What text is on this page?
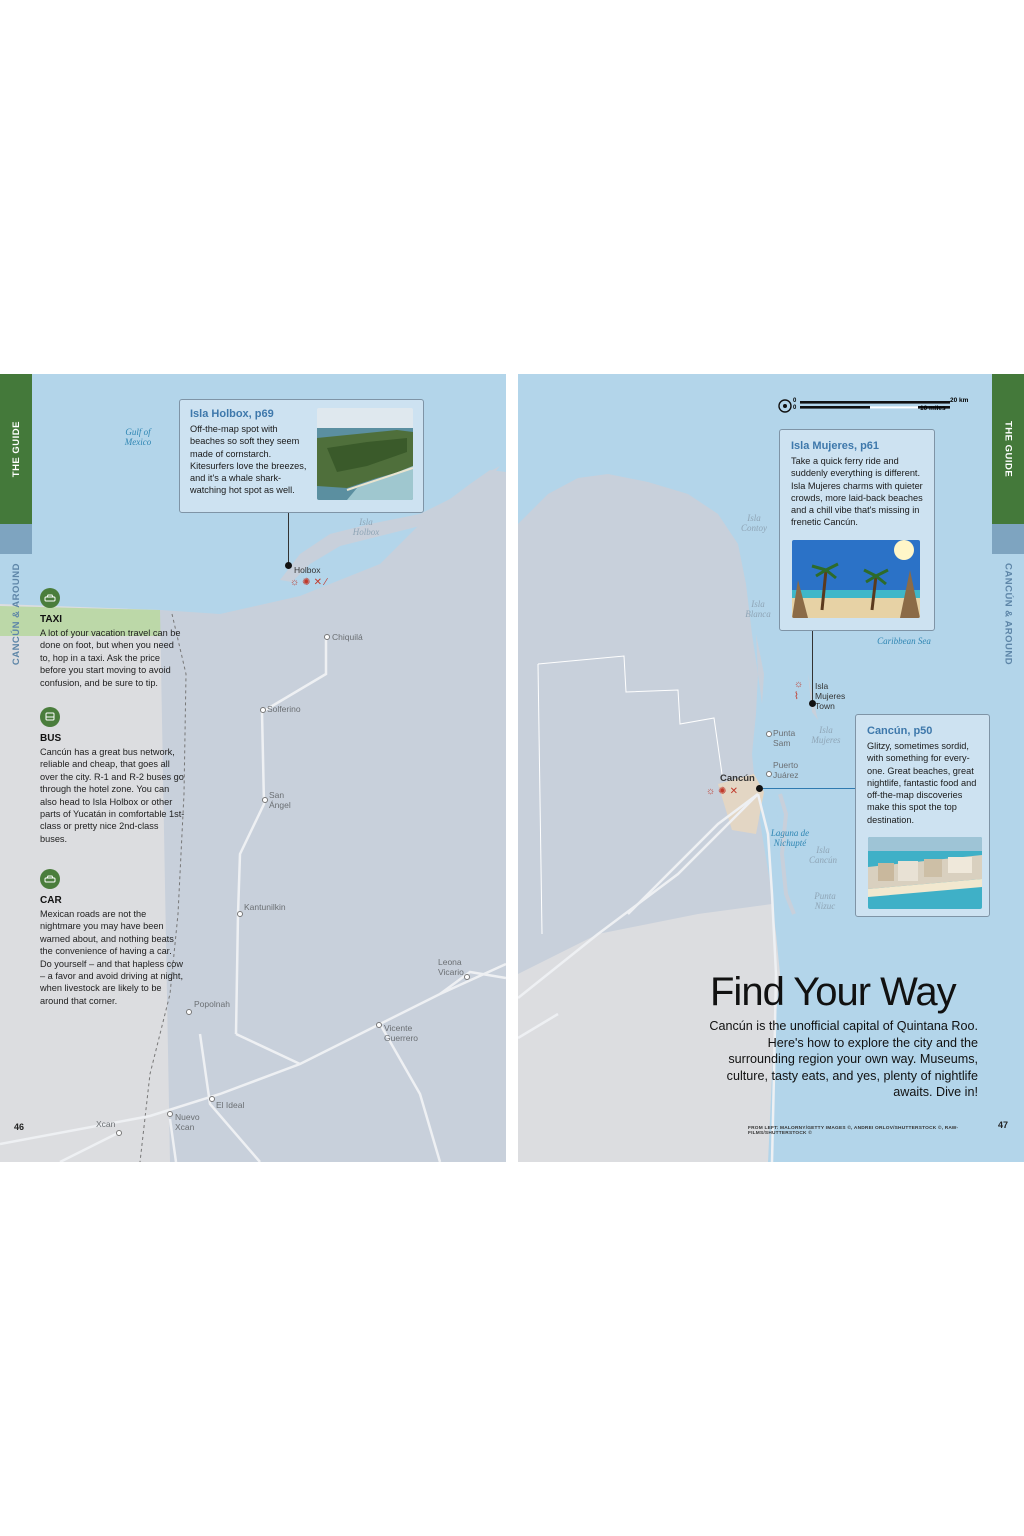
THE GUIDE
CANCÚN & AROUND
Gulf of
Mexico
Isla
Holbox
Isla Holbox, p69

Off-the-map spot with beaches so soft they seem made of cornstarch. Kitesurfers love the breezes, and it's a whale shark-watching hot spot as well.

Holbox
☼ ✺ ✕ ∕
Chiquilá
Solferino
San
Ángel
Kantunilkin
Leona
Vicario
Popolnah
Vicente
Guerrero
El Ideal
Xcan
Nuevo
Xcan
TAXI
A lot of your vacation travel can be done on foot, but when you need to, hop in a taxi. Ask the price before you start moving to avoid confusion, and be sure to tip.
BUS
Cancún has a great bus network, reliable and cheap, that goes all over the city. R-1 and R-2 buses go through the hotel zone. You can also head to Isla Holbox or other parts of Yucatán in comfortable 1st-class or pretty nice 2nd-class buses.
CAR
Mexican roads are not the nightmare you may have been warned about, and nothing beats the convenience of having a car. Do yourself – and that hapless cow – a favor and avoid driving at night, when livestock are likely to be around that corner.
46
THE GUIDE
CANCÚN & AROUND
0
0
20 km
10 miles
Isla
Contoy
Isla
Blanca
Caribbean Sea
Isla
Mujeres
Laguna de
Nichupté
Isla
Cancún
Punta
Nizuc
Isla Mujeres, p61

Take a quick ferry ride and suddenly everything is different. Isla Mujeres charms with quieter crowds, more laid-back beaches and a chill vibe that's missing in frenetic Cancún.

☼
⌇
Isla
Mujeres
Town
Punta
Sam
Puerto
Juárez
Cancún
☼ ✺ ✕
Cancún, p50

Glitzy, sometimes sordid, with something for every-one. Great beaches, great nightlife, fantastic food and off-the-map discoveries make this spot the top destination.

Find Your Way
Cancún is the unofficial capital of Quintana Roo. Here's how to explore the city and the surrounding region your own way. Museums, culture, tasty eats, and yes, plenty of nightlife awaits. Dive in!
FROM LEFT: MALORNY/GETTY IMAGES ©, ANDREI ORLOV/SHUTTERSTOCK ©, RAW-FILMS/SHUTTERSTOCK ©
47
